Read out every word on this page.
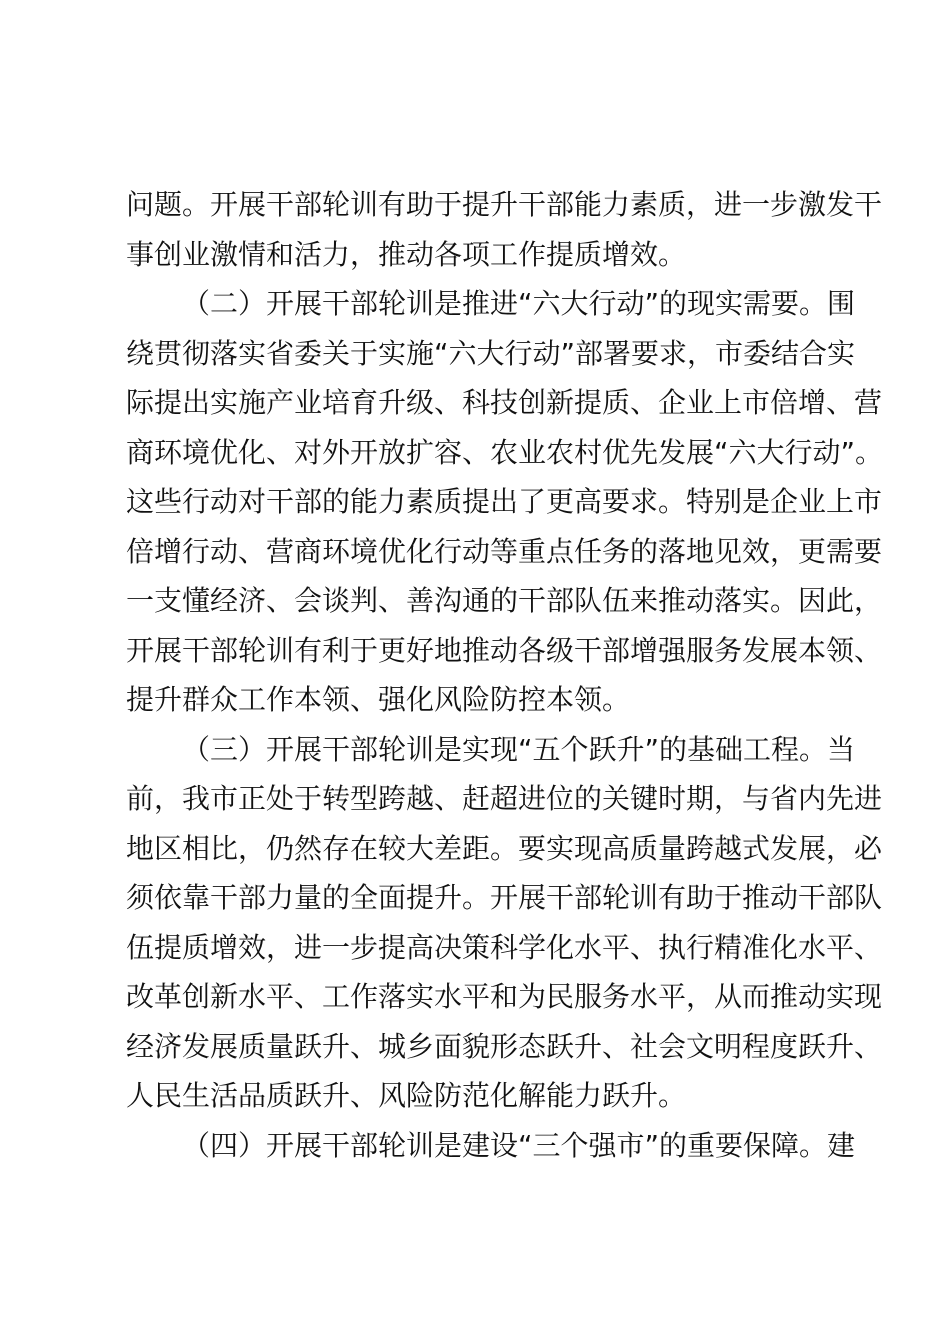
问题。开展干部轮训有助于提升干部能力素质，进一步激发干
事创业激情和活力，推动各项工作提质增效。
（二）开展干部轮训是推进“六大行动”的现实需要。围
绕贯彻落实省委关于实施“六大行动”部署要求，市委结合实
际提出实施产业培育升级、科技创新提质、企业上市倍增、营
商环境优化、对外开放扩容、农业农村优先发展“六大行动”。
这些行动对干部的能力素质提出了更高要求。特别是企业上市
倍增行动、营商环境优化行动等重点任务的落地见效，更需要
一支懂经济、会谈判、善沟通的干部队伍来推动落实。因此，
开展干部轮训有利于更好地推动各级干部增强服务发展本领、
提升群众工作本领、强化风险防控本领。
（三）开展干部轮训是实现“五个跃升”的基础工程。当
前，我市正处于转型跨越、赶超进位的关键时期，与省内先进
地区相比，仍然存在较大差距。要实现高质量跨越式发展，必
须依靠干部力量的全面提升。开展干部轮训有助于推动干部队
伍提质增效，进一步提高决策科学化水平、执行精准化水平、
改革创新水平、工作落实水平和为民服务水平，从而推动实现
经济发展质量跃升、城乡面貌形态跃升、社会文明程度跃升、
人民生活品质跃升、风险防范化解能力跃升。
（四）开展干部轮训是建设“三个强市”的重要保障。建
